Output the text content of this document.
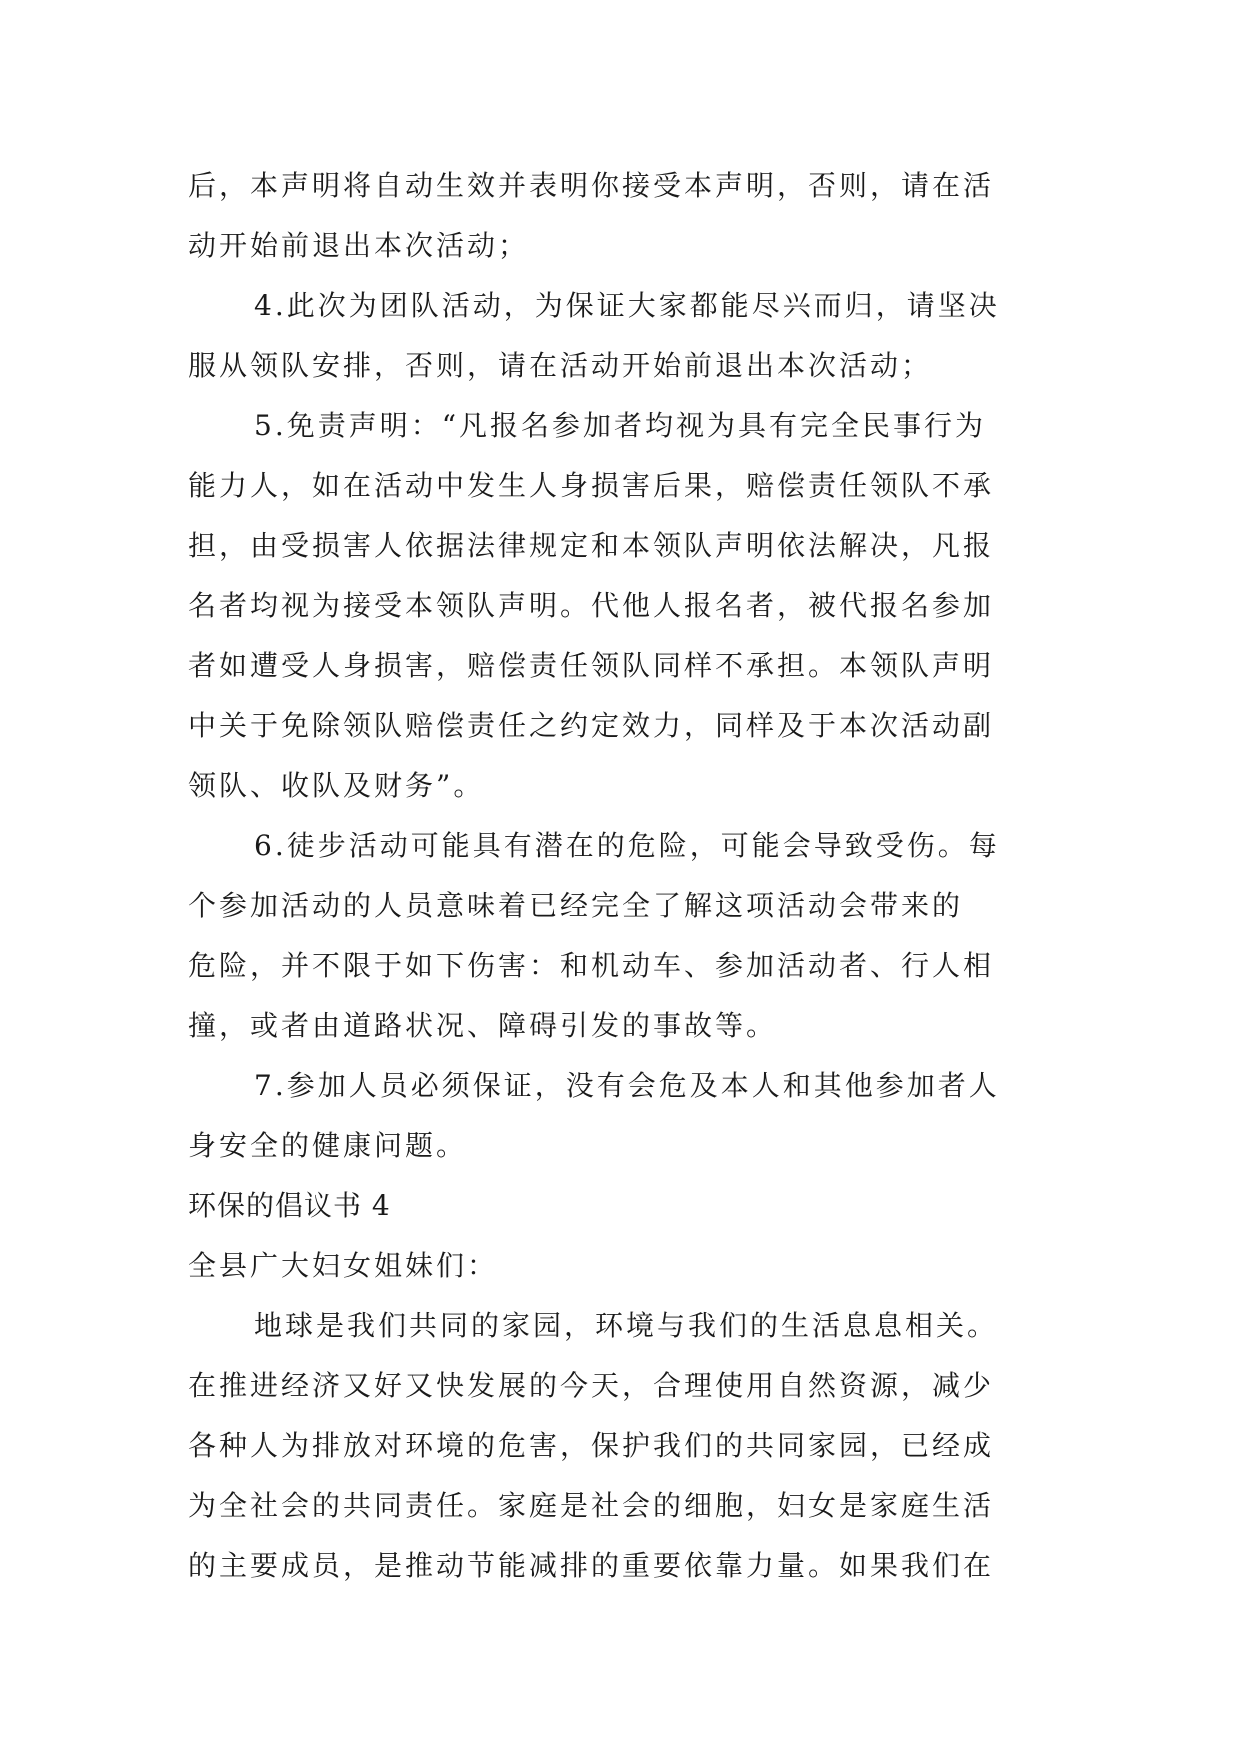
后，本声明将自动生效并表明你接受本声明，否则，请在活
动开始前退出本次活动；
4.此次为团队活动，为保证大家都能尽兴而归，请坚决
服从领队安排，否则，请在活动开始前退出本次活动；
5.免责声明：“凡报名参加者均视为具有完全民事行为
能力人，如在活动中发生人身损害后果，赔偿责任领队不承
担，由受损害人依据法律规定和本领队声明依法解决，凡报
名者均视为接受本领队声明。代他人报名者，被代报名参加
者如遭受人身损害，赔偿责任领队同样不承担。本领队声明
中关于免除领队赔偿责任之约定效力，同样及于本次活动副
领队、收队及财务”。
6.徒步活动可能具有潜在的危险，可能会导致受伤。每
个参加活动的人员意味着已经完全了解这项活动会带来的
危险，并不限于如下伤害：和机动车、参加活动者、行人相
撞，或者由道路状况、障碍引发的事故等。
7.参加人员必须保证，没有会危及本人和其他参加者人
身安全的健康问题。
环保的倡议书 4
全县广大妇女姐妹们：
地球是我们共同的家园，环境与我们的生活息息相关。
在推进经济又好又快发展的今天，合理使用自然资源，减少
各种人为排放对环境的危害，保护我们的共同家园，已经成
为全社会的共同责任。家庭是社会的细胞，妇女是家庭生活
的主要成员，是推动节能减排的重要依靠力量。如果我们在
